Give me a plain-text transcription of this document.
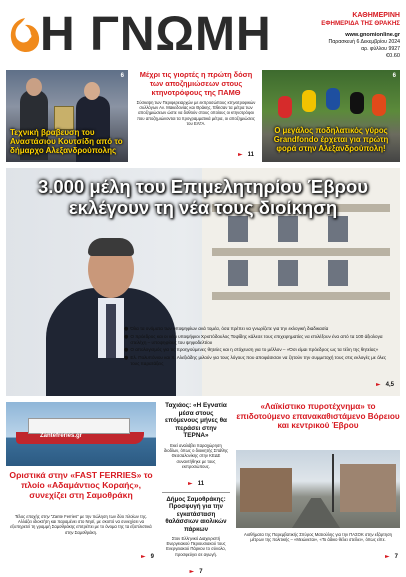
Η ΓΝΩΜΗ	ΚΑΘΗΜΕΡΙΝΗ
ΕΦΗΜΕΡΙΔΑ ΤΗΣ ΘΡΑΚΗΣ
www.gnomionline.gr
Παρασκευή 6 Δεκεμβρίου 2024
αρ. φύλλου 9927
€0.60
6
Τεχνική βραβευση του Αναστάσιου Κουτσίδη από το δήμαρχο Αλεξανδρούπολης
Μέχρι τις γιορτές η πρώτη δόση των αποζημιώσεων στους κτηνοτρόφους της ΠΑΜΘ
Σύσκεψη των Περιφερειαρχών με εκπροσώπους κτηνοτροφικών συλλόγων Αν. Μακεδονίας και Θράκης. Έθεσαν τα μέτρα των αποζημιώσεων ώστε να δοθούν στους οποίους οι κτηνοτρόφοι που αποζημιώνονται τα προγραμματικά μέτρα, οι αποζημιώσεις του ΕΛΓΑ.
► 11
6
Ο μεγάλος ποδηλατικός γύρος Grandfondo έρχεται για πρώτη φορά στην Αλεξανδρούπολη!
3.000 μέλη του Επιμελητηρίου Έβρου εκλέγουν τη νέα τους διοίκηση
● Όλα τα ονόματα των υποψηφίων ανά τομέα, όσα πρέπει να γνωρίζετε για την εκλογική διαδικασία
● Ο πρόεδρος και οι νέοι υποψήφιοι Χριστόδουλος Τοψίδης κάλεσε τους επιχειρηματίες να επιλέξουν ένα από τα 100 άξιολογα στελέχη – υποψηφίους του ψηφοδελτίου
● Ο απολογισμός για τις προηγούμενες θητείες και η στόχευση για το μέλλον – «Όσι είμαι πρόεδρος ως τα τέλη της θητείας»
● Ελ. Πολυπόνιου και Χ. Αλεξιάδης μιλούν για τους λόγους που αποφάσισαν να ζητούν την συμμετοχή τους στις εκλογές με όλες τους παρατάξεις
► 4,5
Zantefreries.gr
Οριστικά στην «FAST FERRIES» το πλοίο «Αδαμάντιος Κοραής», συνεχίζει στη Σαμοθράκη
Τέλος εποχής στην "Zante Ferries" με την πώληση των δύο πλοίων της. Αλλάζει ιδιοκτήτη και παραμένει στο Νησί, με σκοπό να συνεχίσει να εξυπηρετεί τη γραμμή Σαμοθράκης επιτρέπει με το όνομα της τα εξοπλιστικά στην Σαμοθράκη.
► 9
Ταχιάος: «Η Εγνατία μέσα στους επόμενους μήνες θα περάσει στην ΤΕΡΝΑ»
Εκεί αναλάβει παραχώρηση διοδίων, όπως ο διοικητής Σπάθης Θεσσαλονίκης στην ΚΕΔΕ συναντήθηκε με τους εκπροσώπους.
► 11
Δήμος Σαμοθράκης: Προσφυγή για την εγκατάσταση θαλάσσιων αιολικών πάρκων
Στον Ελληνικό Διαχειριστή Ενεργειακού Περιουσιακού τους Ενεργειακού Πάρκου το σύνολο, προσφεύγει σε αγωγή.
► 7
«Λαϊκίστικο πυροτέχνημα» το επιδοτούμενο επανακαθιστάμενο Βόρειου και κεντρικού Έβρου
Αισθήματα της Παρεμβατικής Σπύρος Ματιούλης για την ΠΑΣΟΚ στην εξάρτηση μέτρων της πολιτικής – «Μειώνεται», «Το άδικο θέλει στείλει», όπως είπε.
► 7
